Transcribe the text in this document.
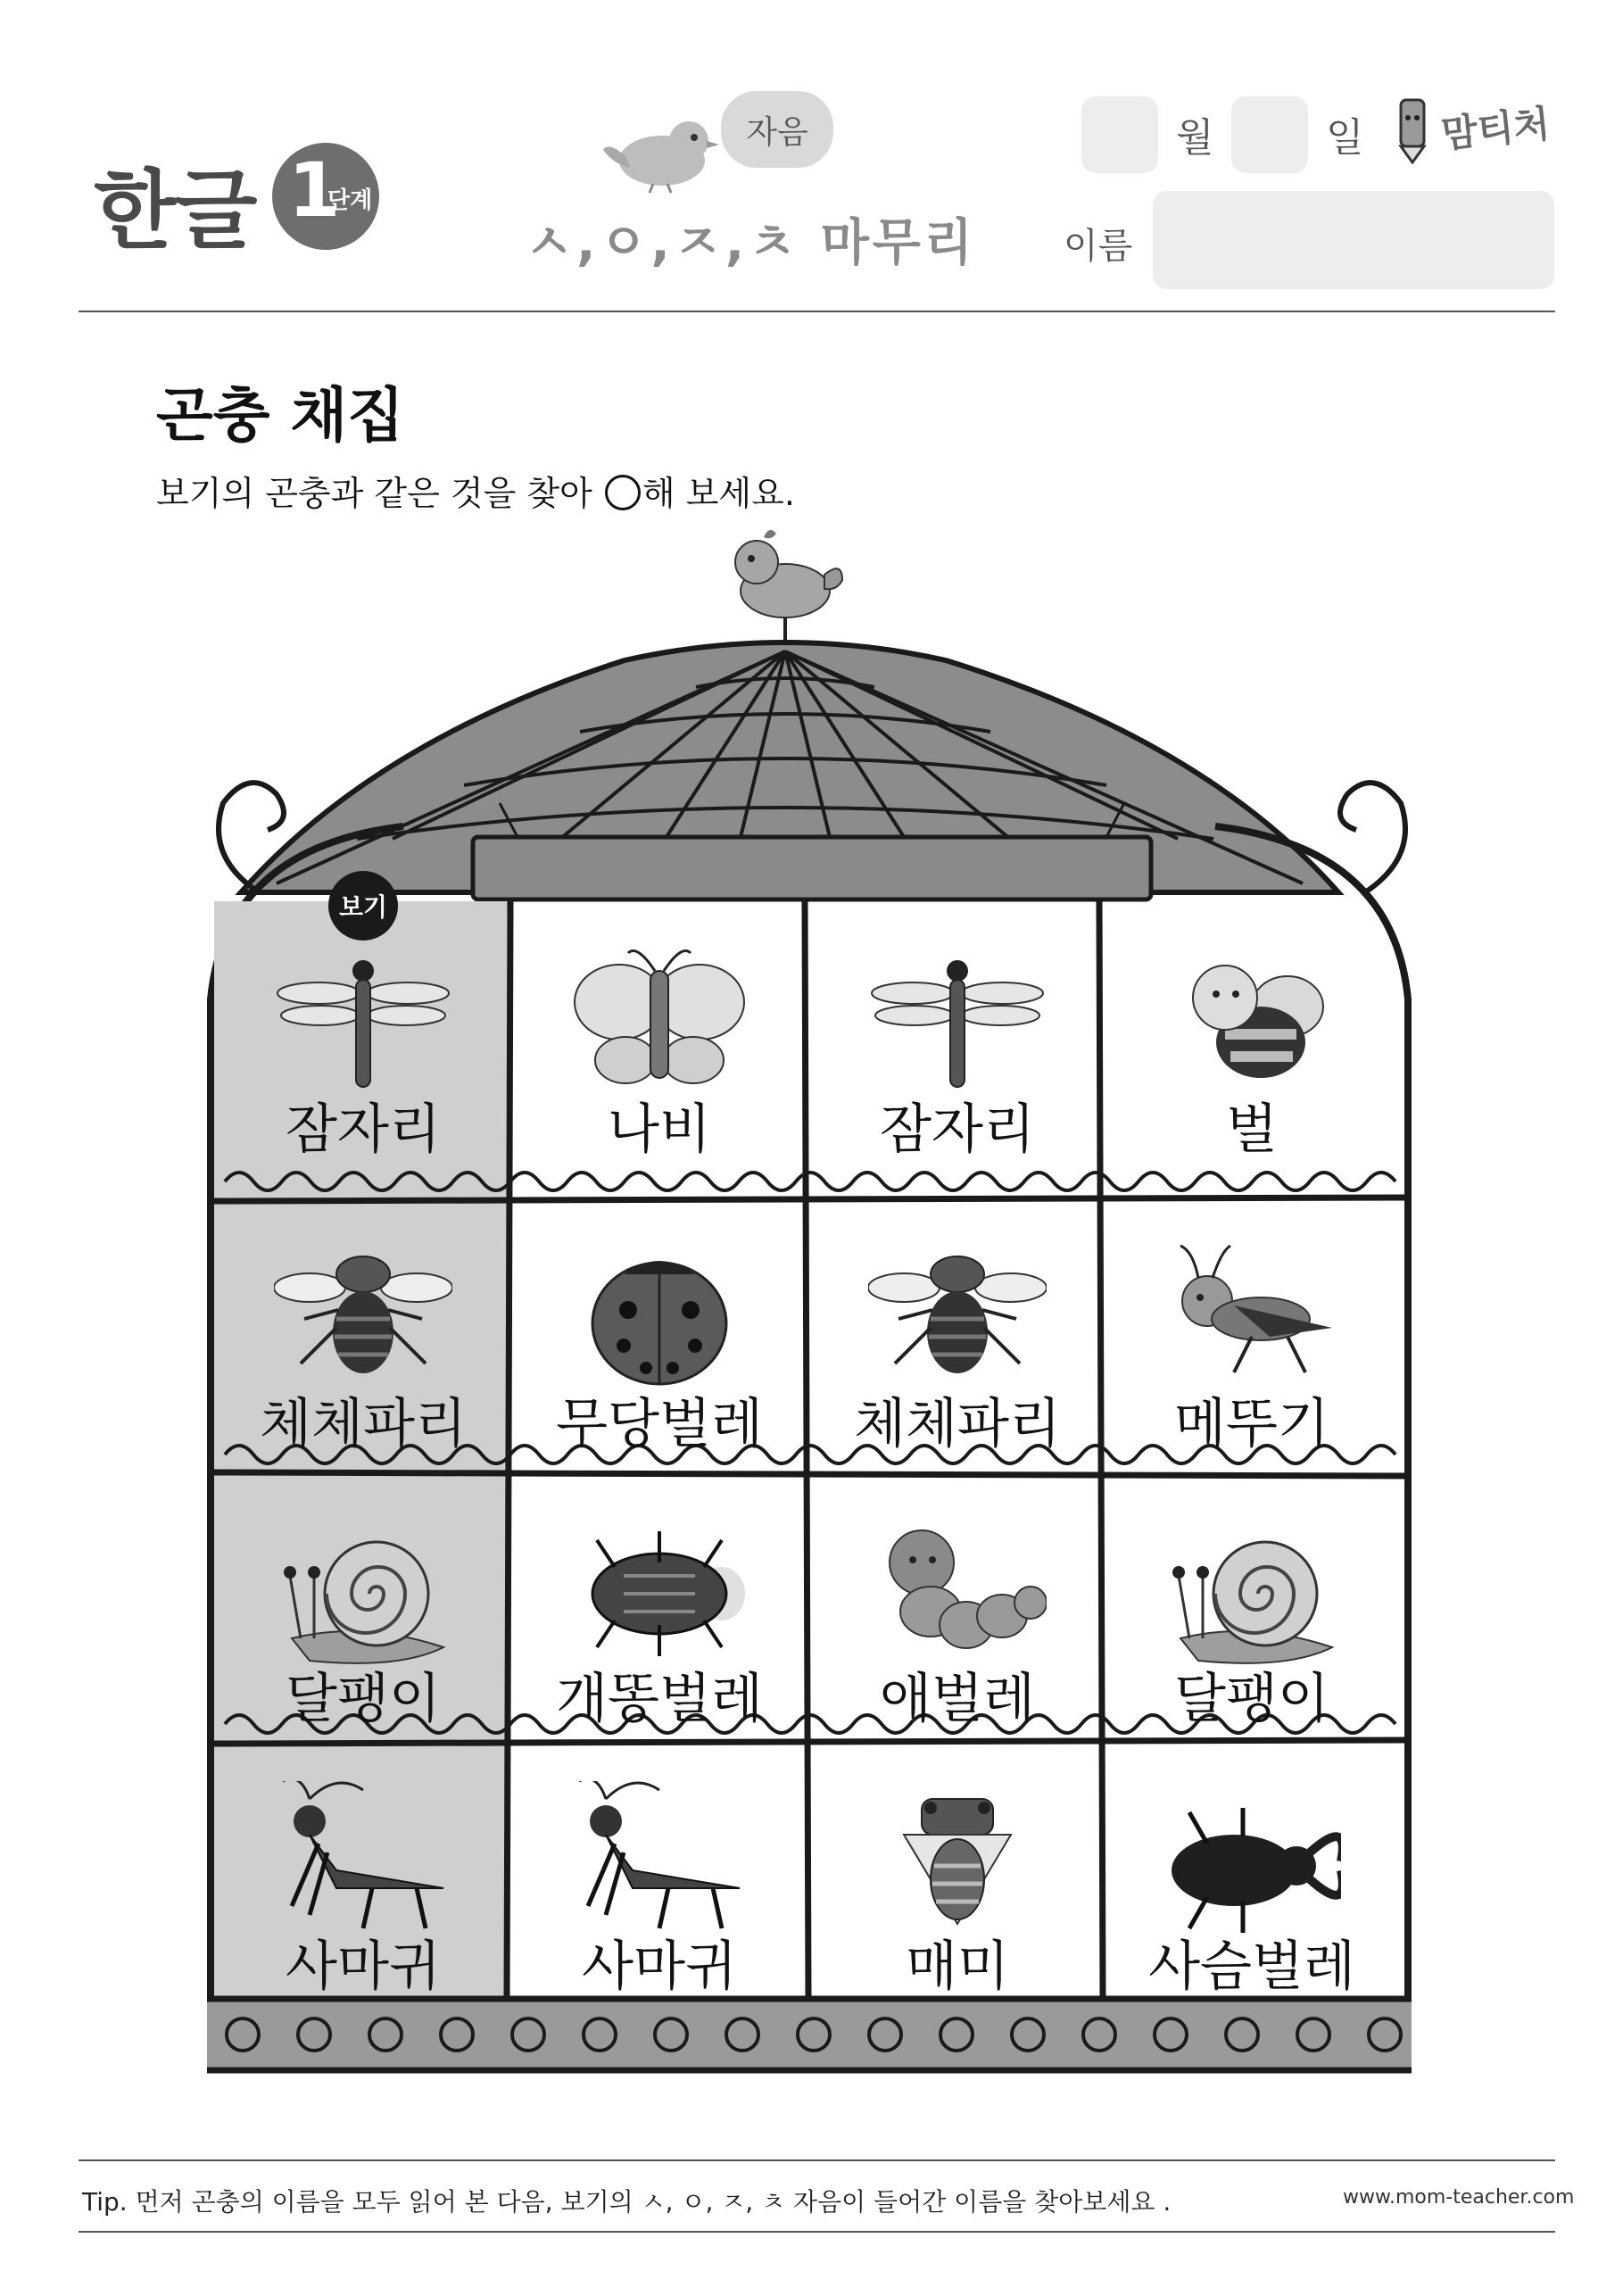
한글 1
단계
자음
ㅅ,ㅇ,ㅈ,ㅊ 마무리
월	일
이름
맘티처
곤충 채집
보기의 곤충과 같은 것을 찾아 해 보세요.
보기
잠자리	나비	잠자리	벌
체체파리	무당벌레	체체파리	메뚜기
달팽이	개똥벌레	애벌레	달팽이
사마귀	사마귀	매미	사슴벌레
Tip. 먼저 곤충의 이름을 모두 읽어 본 다음, 보기의 ㅅ, ㅇ, ㅈ, ㅊ 자음이 들어간 이름을 찾아보세요 .	www.mom-teacher.com
